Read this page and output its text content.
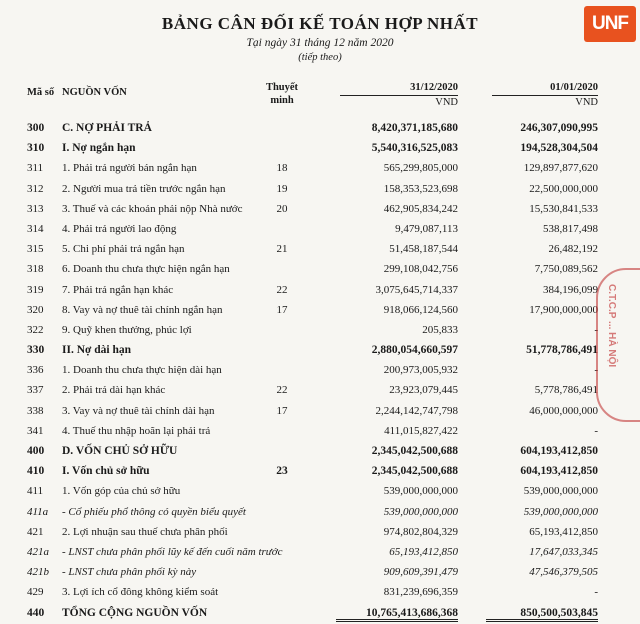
UNF
BẢNG CÂN ĐỐI KẾ TOÁN HỢP NHẤT
Tại ngày 31 tháng 12 năm 2020
(tiếp theo)
Mã số NGUỒN VỐN	Thuyết
minh
31/12/2020	01/01/2020
VND	VND
300 C. NỢ PHẢI TRẢ	8,420,371,185,680	246,307,090,995
310 I. Nợ ngắn hạn	5,540,316,525,083	194,528,304,504
311 1. Phải trả người bán ngắn hạn	18	565,299,805,000	129,897,877,620
312 2. Người mua trả tiền trước ngắn hạn	19	158,353,523,698	22,500,000,000
313 3. Thuế và các khoản phải nộp Nhà nước	20	462,905,834,242	15,530,841,533
314 4. Phải trả người lao động	9,479,087,113	538,817,498
315 5. Chi phí phải trả ngắn hạn	21	51,458,187,544	26,482,192
318 6. Doanh thu chưa thực hiện ngắn hạn	299,108,042,756	7,750,089,562
319 7. Phải trả ngắn hạn khác	22	3,075,645,714,337	384,196,099
320 8. Vay và nợ thuê tài chính ngắn hạn	17	918,066,124,560	17,900,000,000
322 9. Quỹ khen thưởng, phúc lợi	205,833	-
330 II. Nợ dài hạn	2,880,054,660,597	51,778,786,491
336 1. Doanh thu chưa thực hiện dài hạn	200,973,005,932	-
337 2. Phải trả dài hạn khác	22	23,923,079,445	5,778,786,491
338 3. Vay và nợ thuê tài chính dài hạn	17	2,244,142,747,798	46,000,000,000
341 4. Thuế thu nhập hoãn lại phải trả	411,015,827,422	-
400 D. VỐN CHỦ SỞ HỮU	2,345,042,500,688	604,193,412,850
410 I. Vốn chủ sở hữu	23	2,345,042,500,688	604,193,412,850
411 1. Vốn góp của chủ sở hữu	539,000,000,000	539,000,000,000
411a - Cổ phiếu phổ thông có quyền biểu quyết	539,000,000,000	539,000,000,000
421 2. Lợi nhuận sau thuế chưa phân phối	974,802,804,329	65,193,412,850
421a - LNST chưa phân phối lũy kế đến cuối năm trước	65,193,412,850	17,647,033,345
421b - LNST chưa phân phối kỳ này	909,609,391,479	47,546,379,505
429 3. Lợi ích cổ đông không kiểm soát	831,239,696,359	-
440 TỔNG CỘNG NGUỒN VỐN	10,765,413,686,368	850,500,503,845
C.T.C.P ... HÀ NỘI
